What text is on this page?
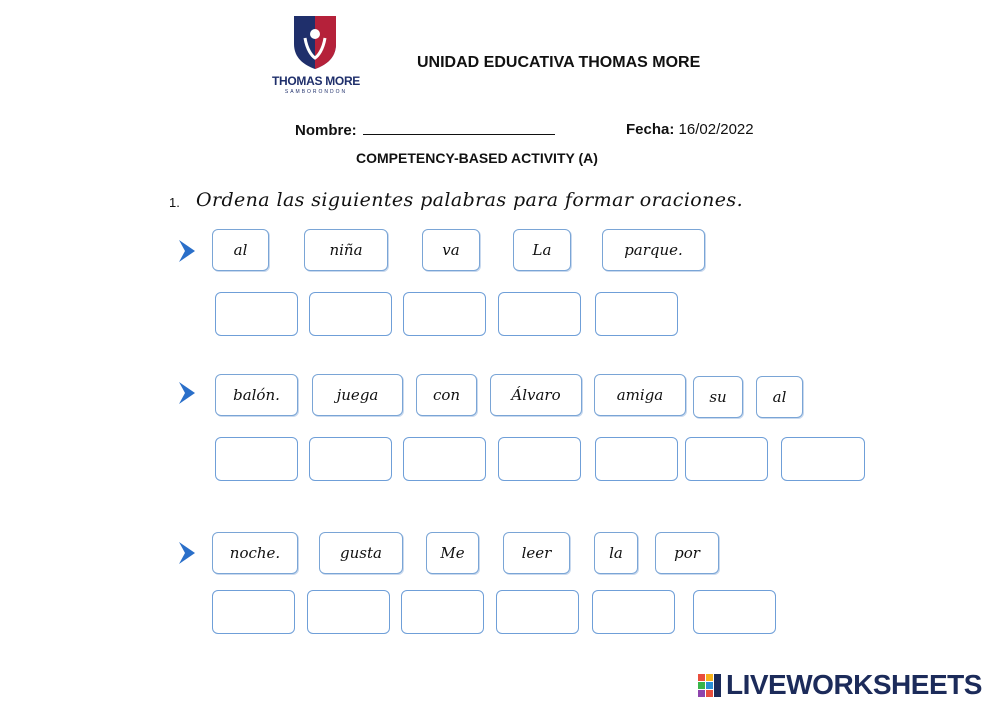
THOMAS MORE
SAMBORONDON
UNIDAD EDUCATIVA THOMAS MORE
Nombre:	Fecha: 16/02/2022
COMPETENCY-BASED ACTIVITY (A)
1. Ordena las siguientes palabras para formar oraciones.
al	niña	va	La	parque.
balón.	juega	con	Álvaro	amiga	su	al
noche.	gusta	Me	leer	la	por
LIVEWORKSHEETS
